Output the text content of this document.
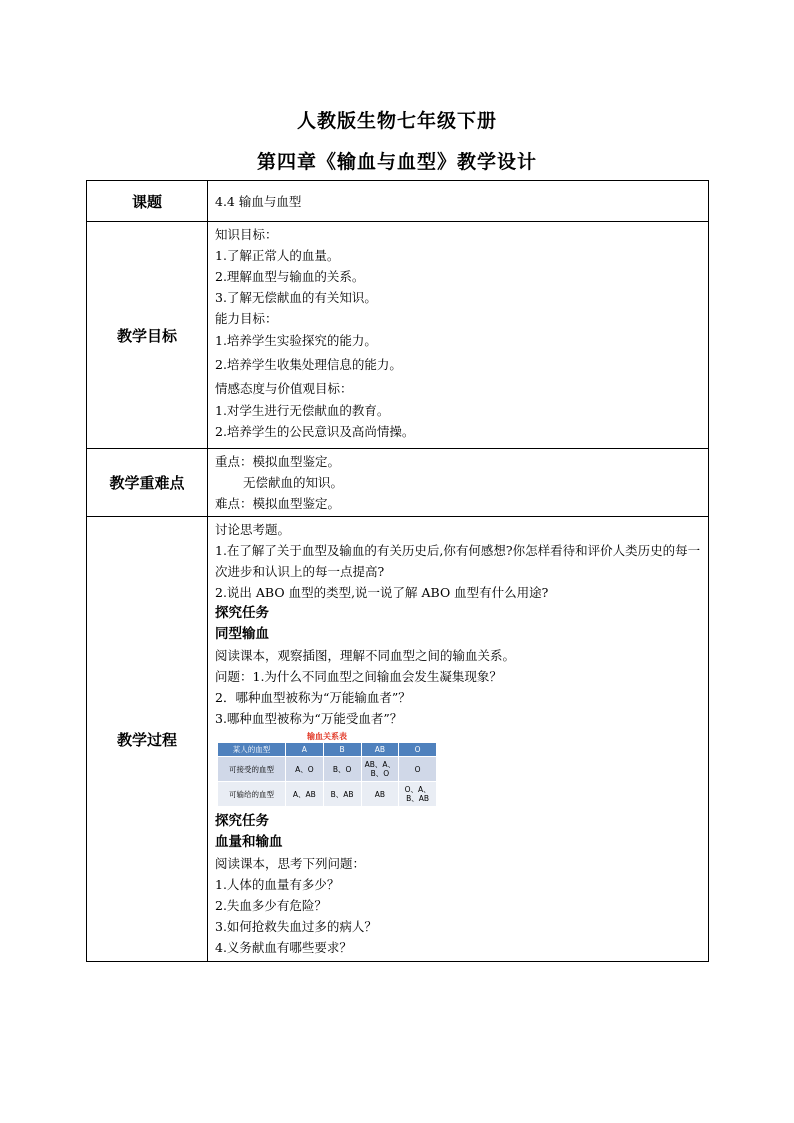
人教版生物七年级下册
第四章《输血与血型》教学设计
课题	4.4 输血与血型

教学目标	
知识目标：
1.了解正常人的血量。
2.理解血型与输血的关系。
3.了解无偿献血的有关知识。
能力目标：
1.培养学生实验探究的能力。
2.培养学生收集处理信息的能力。
情感态度与价值观目标：
1.对学生进行无偿献血的教育。
2.培养学生的公民意识及高尚情操。

教学重难点	
重点：模拟血型鉴定。
无偿献血的知识。
难点：模拟血型鉴定。

教学过程	
讨论思考题。
1.在了解了关于血型及输血的有关历史后,你有何感想?你怎样看待和评价人类历史的每一次进步和认识上的每一点提高?
2.说出 ABO 血型的类型,说一说了解 ABO 血型有什么用途?
探究任务
同型输血
阅读课本，观察插图，理解不同血型之间的输血关系。
问题：1.为什么不同血型之间输血会发生凝集现象？
2．哪种血型被称为“万能输血者”？
3.哪种血型被称为“万能受血者”？
输血关系表
某人的血型	A	B	AB	O
可接受的血型	A、O	B、O	AB、A、B、O	O
可输给的血型	A、AB	B、AB	AB	O、A、B、AB
探究任务
血量和输血
阅读课本，思考下列问题：
1.人体的血量有多少？
2.失血多少有危险？
3.如何抢救失血过多的病人？
4.义务献血有哪些要求？
